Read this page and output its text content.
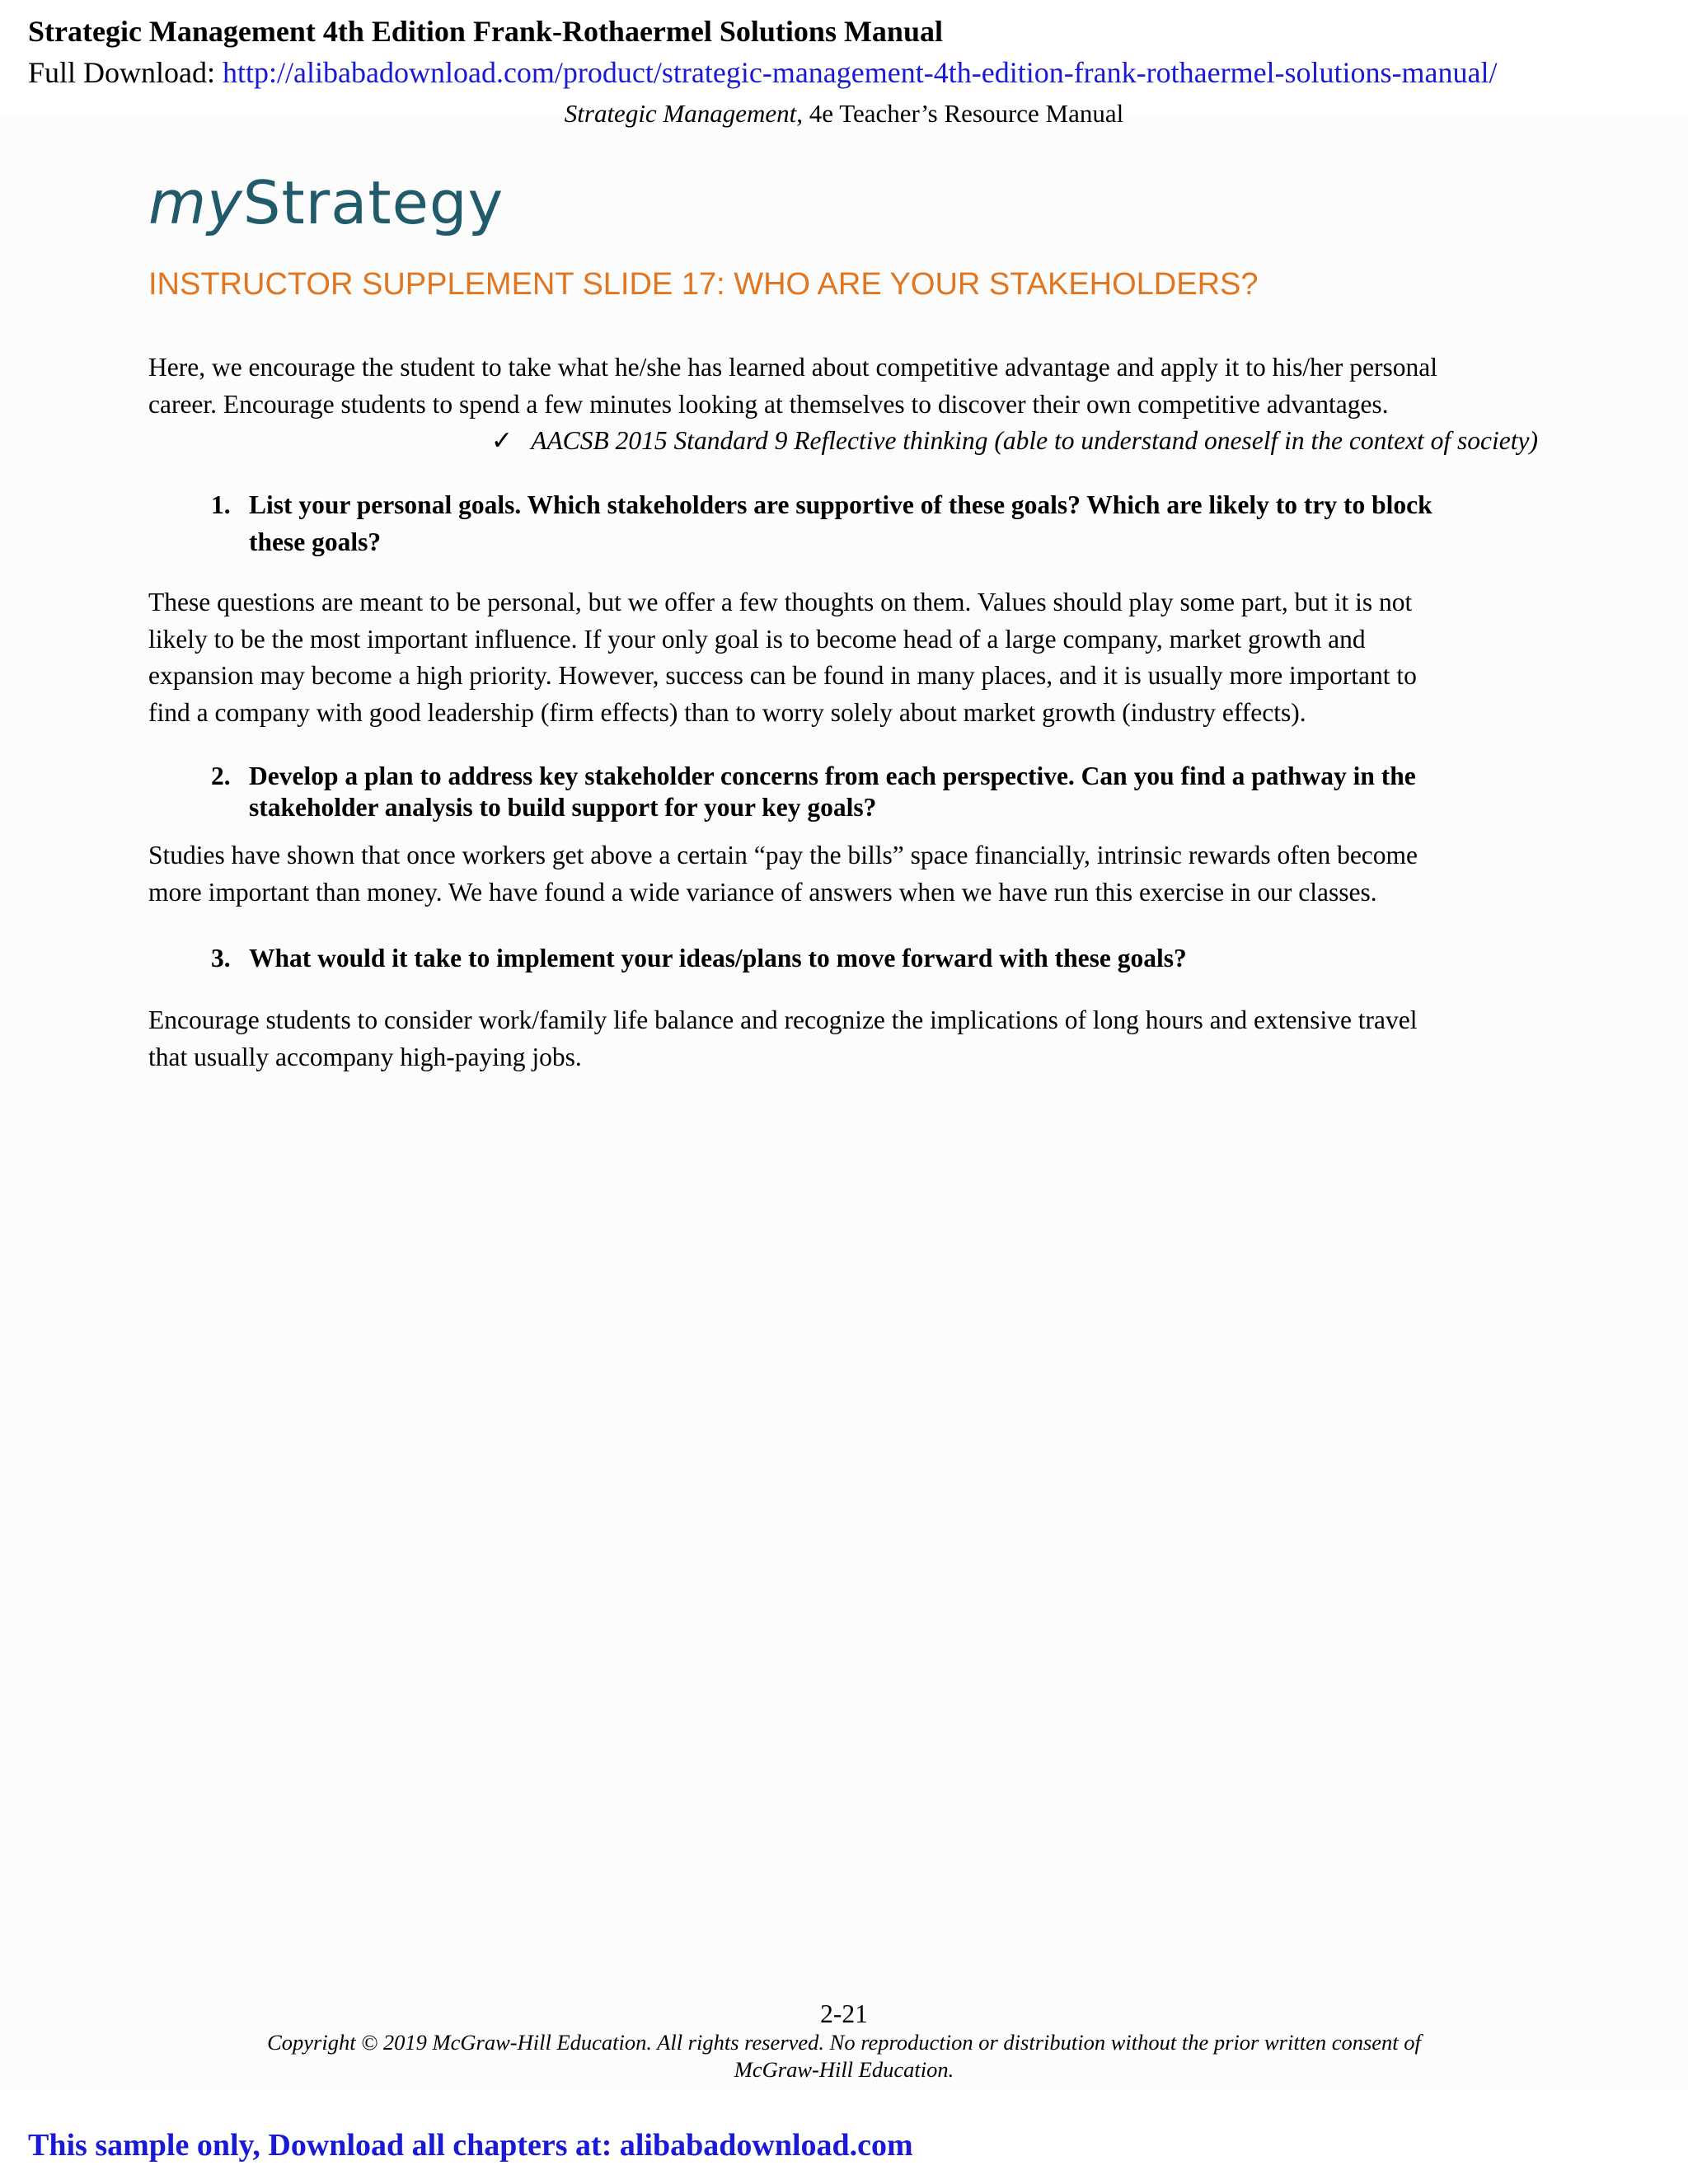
Strategic Management 4th Edition Frank-Rothaermel Solutions Manual
Full Download: http://alibabadownload.com/product/strategic-management-4th-edition-frank-rothaermel-solutions-manual/
Strategic Management, 4e Teacher’s Resource Manual
myStrategy
INSTRUCTOR SUPPLEMENT SLIDE 17: WHO ARE YOUR STAKEHOLDERS?

Here, we encourage the student to take what he/she has learned about competitive advantage and apply it to his/her personal

career. Encourage students to spend a few minutes looking at themselves to discover their own competitive advantages.

✓ AACSB 2015 Standard 9 Reflective thinking (able to understand oneself in the context of society)
1. List your personal goals. Which stakeholders are supportive of these goals? Which are likely to try to block
these goals?

These questions are meant to be personal, but we offer a few thoughts on them. Values should play some part, but it is not

likely to be the most important influence. If your only goal is to become head of a large company, market growth and

expansion may become a high priority. However, success can be found in many places, and it is usually more important to

find a company with good leadership (firm effects) than to worry solely about market growth (industry effects).

2. Develop a plan to address key stakeholder concerns from each perspective. Can you find a pathway in the
stakeholder analysis to build support for your key goals?

Studies have shown that once workers get above a certain “pay the bills” space financially, intrinsic rewards often become

more important than money. We have found a wide variance of answers when we have run this exercise in our classes.

3. What would it take to implement your ideas/plans to move forward with these goals?

Encourage students to consider work/family life balance and recognize the implications of long hours and extensive travel

that usually accompany high-paying jobs.

2-21
Copyright © 2019 McGraw-Hill Education. All rights reserved. No reproduction or distribution without the prior written consent of
McGraw-Hill Education.
This sample only, Download all chapters at: alibabadownload.com
